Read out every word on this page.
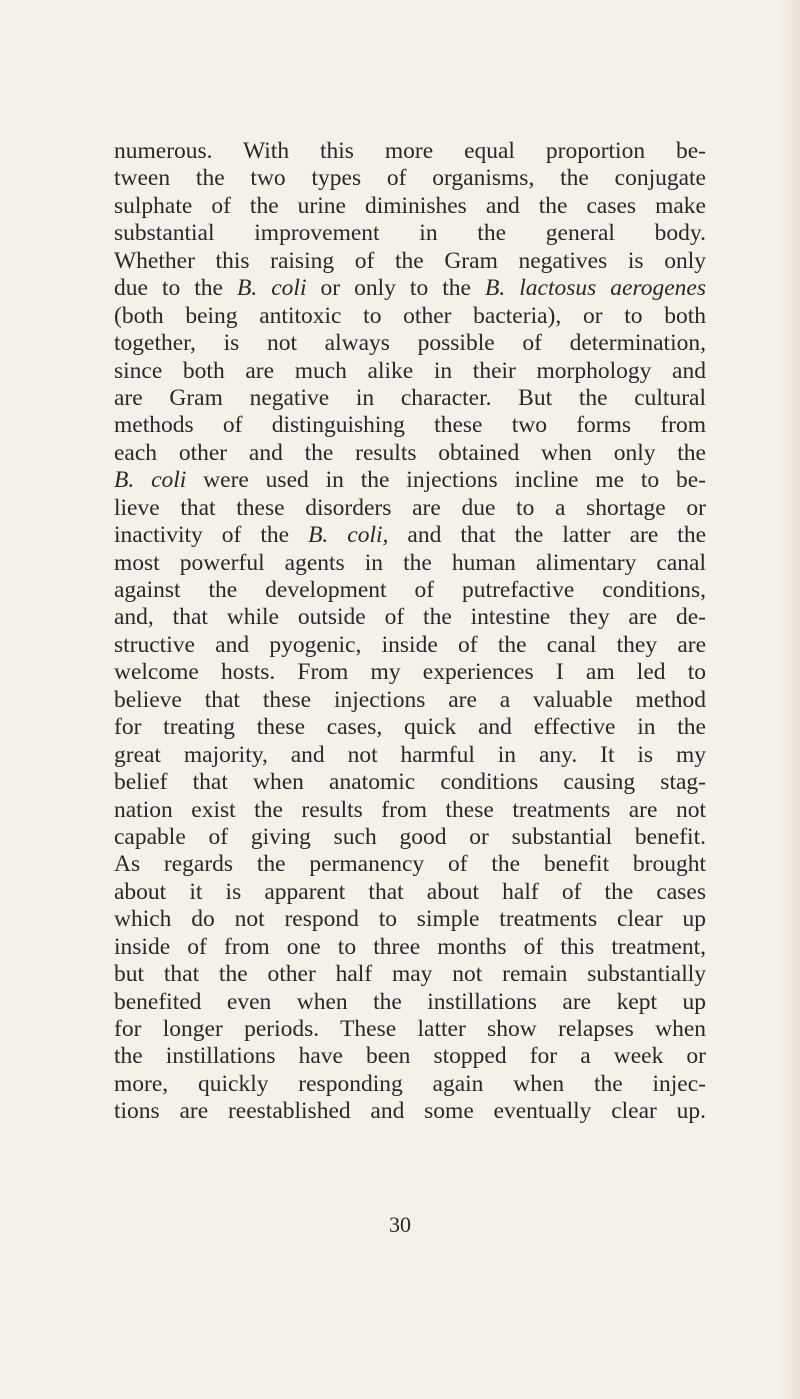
numerous. With this more equal proportion be-
tween the two types of organisms, the conjugate
sulphate of the urine diminishes and the cases make
substantial improvement in the general body.
Whether this raising of the Gram negatives is only
due to the B. coli or only to the B. lactosus aerogenes
(both being antitoxic to other bacteria), or to both
together, is not always possible of determination,
since both are much alike in their morphology and
are Gram negative in character. But the cultural
methods of distinguishing these two forms from
each other and the results obtained when only the
B. coli were used in the injections incline me to be-
lieve that these disorders are due to a shortage or
inactivity of the B. coli, and that the latter are the
most powerful agents in the human alimentary canal
against the development of putrefactive conditions,
and, that while outside of the intestine they are de-
structive and pyogenic, inside of the canal they are
welcome hosts. From my experiences I am led to
believe that these injections are a valuable method
for treating these cases, quick and effective in the
great majority, and not harmful in any. It is my
belief that when anatomic conditions causing stag-
nation exist the results from these treatments are not
capable of giving such good or substantial benefit.
As regards the permanency of the benefit brought
about it is apparent that about half of the cases
which do not respond to simple treatments clear up
inside of from one to three months of this treatment,
but that the other half may not remain substantially
benefited even when the instillations are kept up
for longer periods. These latter show relapses when
the instillations have been stopped for a week or
more, quickly responding again when the injec-
tions are reestablished and some eventually clear up.
30
